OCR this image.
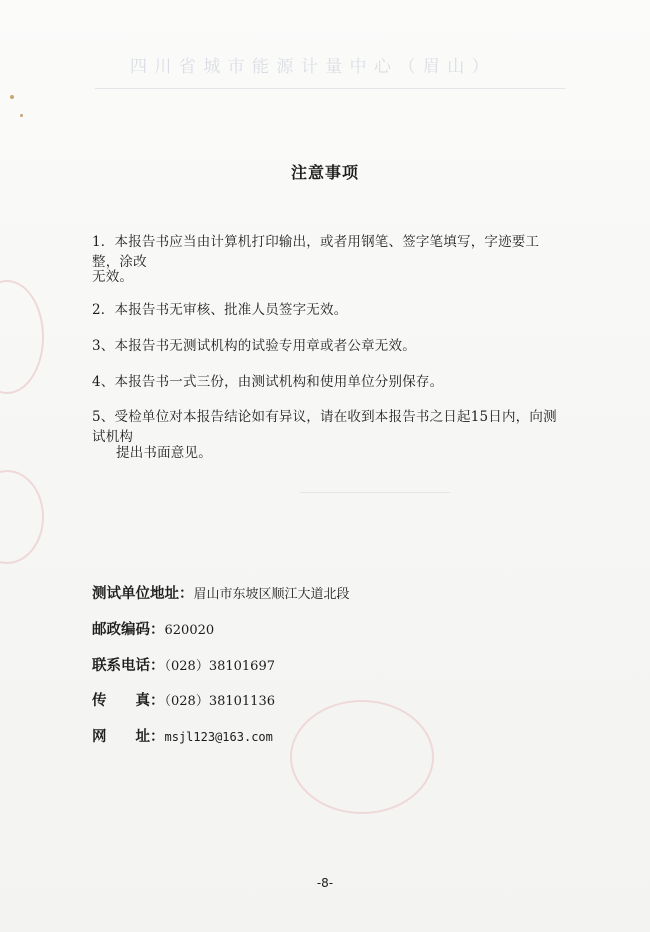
四 川 省 城 市 能 源 计 量 中 心 （ 眉 山 ）
注意事项
1．本报告书应当由计算机打印输出，或者用钢笔、签字笔填写，字迹要工整，涂改
无效。
2．本报告书无审核、批准人员签字无效。
3、本报告书无测试机构的试验专用章或者公章无效。
4、本报告书一式三份，由测试机构和使用单位分别保存。
5、受检单位对本报告结论如有异议，请在收到本报告书之日起15日内，向测试机构
提出书面意见。
测试单位地址：眉山市东坡区顺江大道北段
邮政编码：620020
联系电话：（028）38101697
传　　真：（028）38101136
网　　址：msjl123@163.com
-8-
